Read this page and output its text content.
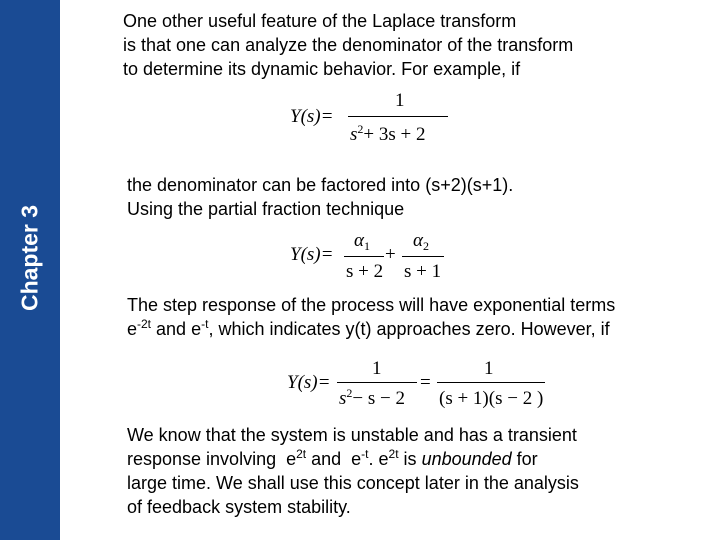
Chapter 3
One other useful feature of the Laplace transform
is that one can analyze the denominator of the transform
to determine its dynamic behavior. For example, if
Y(s)=
1
$s^2+ 3s + 2$
the denominator can be factored into (s+2)(s+1).
Using the partial fraction technique
Y(s)=
$\alpha_1$
s + 2
+
$\alpha_2$
s + 1
The step response of the process will have exponential terms
$e^{-2t}$ and $e^{-t}$, which indicates y(t) approaches zero. However, if
Y(s)=
1
$s^2- s - 2$
=
1
(s + 1)(s − 2 )
We know that the system is unstable and has a transient
response involving  $e^{2t}$ and  $e^{-t}$. $e^{2t}$ is unbounded for
large time. We shall use this concept later in the analysis
of feedback system stability.
